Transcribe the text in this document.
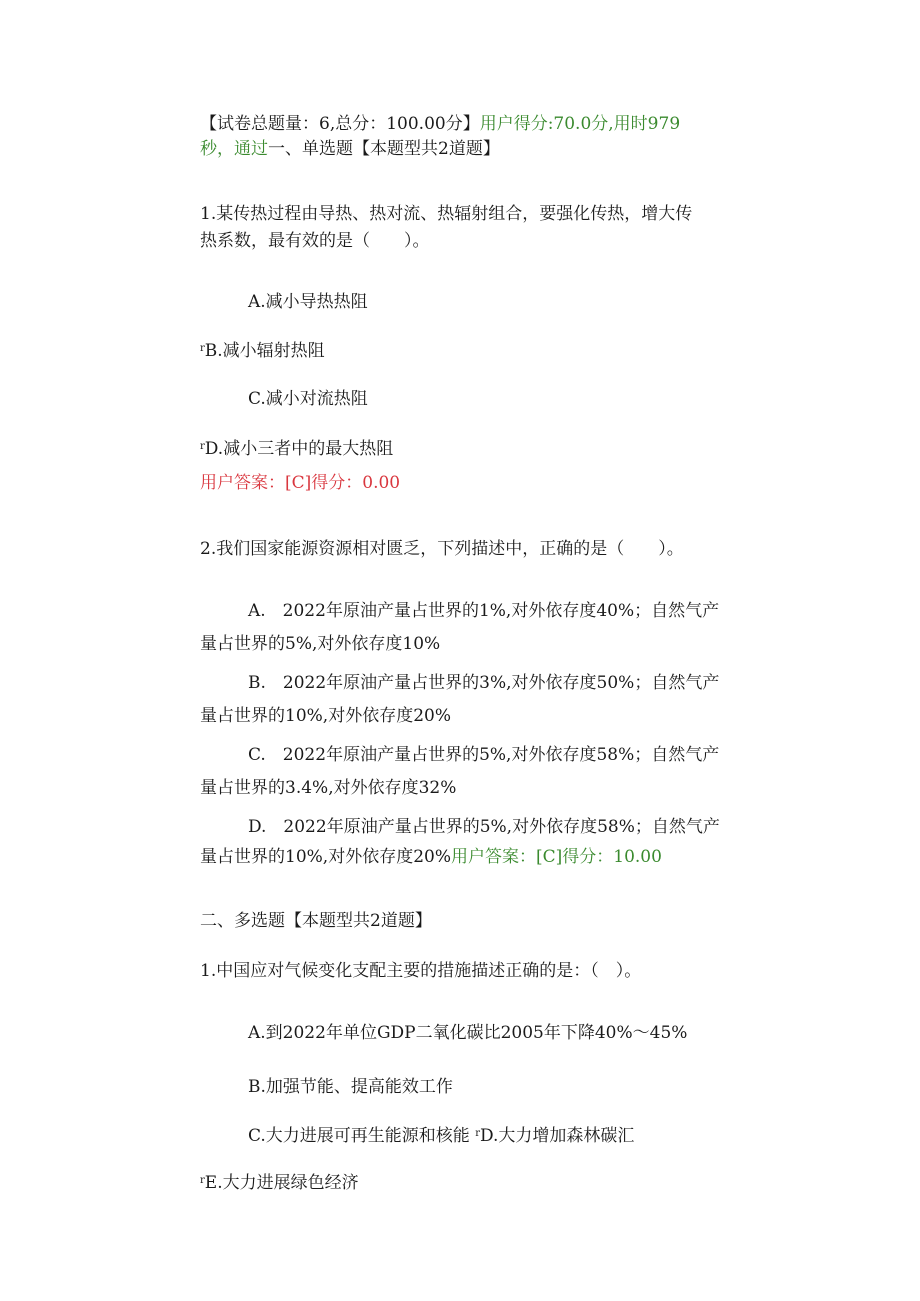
【试卷总题量：6,总分：100.00分】用户得分:70.0分,用时979
秒，通过一、单选题【本题型共2道题】
1.某传热过程由导热、热对流、热辐射组合，要强化传热，增大传
热系数，最有效的是（　　）。
A.减小导热热阻
$^r$B.减小辐射热阻
C.减小对流热阻
$^r$D.减小三者中的最大热阻
用户答案：[C]得分：0.00
2.我们国家能源资源相对匮乏，下列描述中，正确的是（　　）。
A.　2022年原油产量占世界的1%,对外依存度40%；自然气产
量占世界的5%,对外依存度10%
B.　2022年原油产量占世界的3%,对外依存度50%；自然气产
量占世界的10%,对外依存度20%
C.　2022年原油产量占世界的5%,对外依存度58%；自然气产
量占世界的3.4%,对外依存度32%
D.　2022年原油产量占世界的5%,对外依存度58%；自然气产
量占世界的10%,对外依存度20%用户答案：[C]得分：10.00
二、多选题【本题型共2道题】
1.中国应对气候变化支配主要的措施描述正确的是：（　）。
A.到2022年单位GDP二氧化碳比2005年下降40%～45%
B.加强节能、提高能效工作
C.大力进展可再生能源和核能 $^r$D.大力增加森林碳汇
$^r$E.大力进展绿色经济
